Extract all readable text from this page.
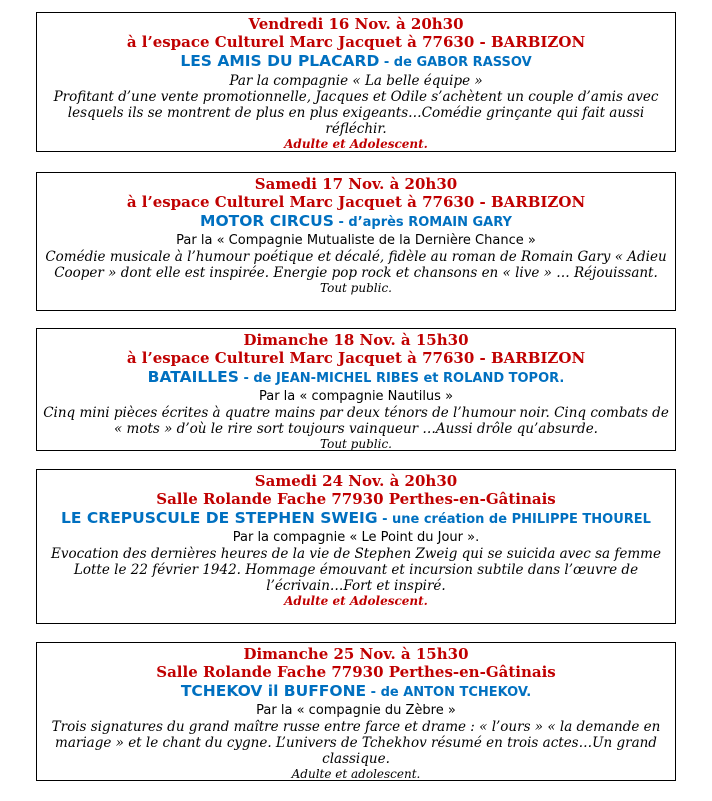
Vendredi 16 Nov. à 20h30
à l’espace Culturel Marc Jacquet à 77630 - BARBIZON
LES AMIS DU PLACARD - de GABOR RASSOV
Par la compagnie « La belle équipe »
Profitant d’une vente promotionnelle, Jacques et Odile s’achètent un couple d’amis avec lesquels ils se montrent de plus en plus exigeants…Comédie grinçante qui fait aussi réfléchir.
Adulte et Adolescent.
Samedi 17 Nov. à 20h30
à l’espace Culturel Marc Jacquet à 77630 - BARBIZON
MOTOR CIRCUS - d’après ROMAIN GARY
Par la « Compagnie Mutualiste de la Dernière Chance »
Comédie musicale à l’humour poétique et décalé, fidèle au roman de Romain Gary « Adieu Cooper » dont elle est inspirée. Energie pop rock et chansons en « live » … Réjouissant.
Tout public.
Dimanche 18 Nov. à 15h30
à l’espace Culturel Marc Jacquet à 77630 - BARBIZON
BATAILLES - de JEAN-MICHEL RIBES et ROLAND TOPOR.
Par la « compagnie Nautilus »
Cinq mini pièces écrites à quatre mains par deux ténors de l’humour noir. Cinq combats de « mots » d’où le rire sort toujours vainqueur …Aussi drôle qu’absurde.
Tout public.
Samedi 24 Nov. à 20h30
Salle Rolande Fache 77930 Perthes-en-Gâtinais
LE CREPUSCULE DE STEPHEN SWEIG - une création de PHILIPPE THOUREL
Par la compagnie « Le Point du Jour ».
Evocation des dernières heures de la vie de Stephen Zweig qui se suicida avec sa femme Lotte le 22 février 1942. Hommage émouvant et incursion subtile dans l’œuvre de l’écrivain…Fort et inspiré.
Adulte et Adolescent.
Dimanche 25 Nov. à 15h30
Salle Rolande Fache 77930 Perthes-en-Gâtinais
TCHEKOV il BUFFONE - de ANTON TCHEKOV.
Par la « compagnie du Zèbre »
Trois signatures du grand maître russe entre farce et drame : « l’ours » « la demande en mariage » et le chant du cygne. L’univers de Tchekhov résumé en trois actes…Un grand classique.
Adulte et adolescent.
